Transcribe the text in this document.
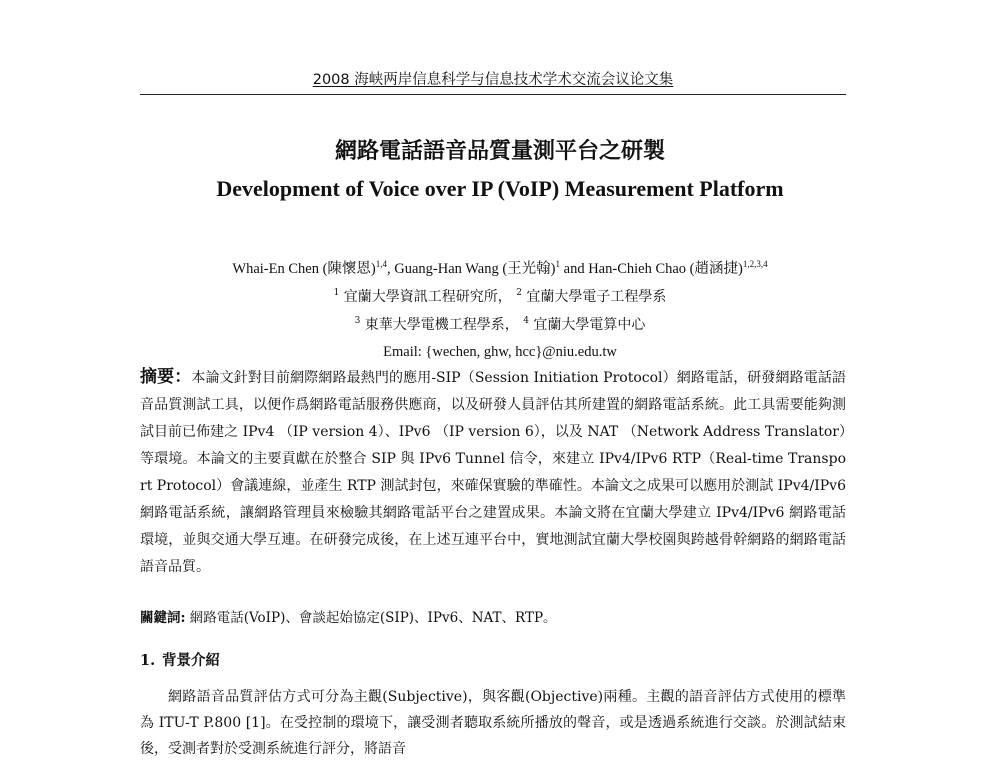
2008 海峡两岸信息科学与信息技术学术交流会议论文集
網路電話語音品質量測平台之研製
Development of Voice over IP (VoIP) Measurement Platform
Whai-En Chen (陳懷恩)$^{1,4}$, Guang-Han Wang (王光翰)$^1$ and Han-Chieh Chao (趙涵捷)$^{1,2,3,4}$
$^1$ 宜蘭大學資訊工程研究所， $^2$ 宜蘭大學電子工程學系
$^3$ 東華大學電機工程學系， $^4$ 宜蘭大學電算中心
Email: {wechen, ghw, hcc}@niu.edu.tw
摘要：本論文針對目前網際網路最熱門的應用-SIP（Session Initiation Protocol）網路電話，研發網路電話語音品質測試工具，以便作爲網路電話服務供應商，以及研發人員評估其所建置的網路電話系統。此工具需要能夠測試目前已佈建之 IPv4 （IP version 4）、IPv6 （IP version 6），以及 NAT （Network Address Translator）等環境。本論文的主要貢獻在於整合 SIP 與 IPv6 Tunnel 信令，來建立 IPv4/IPv6 RTP（Real-time Transport Protocol）會議連線，並產生 RTP 測試封包，來確保實驗的準確性。本論文之成果可以應用於測試 IPv4/IPv6 網路電話系統，讓網路管理員來檢驗其網路電話平台之建置成果。本論文將在宜蘭大學建立 IPv4/IPv6 網路電話環境，並與交通大學互連。在研發完成後，在上述互連平台中，實地測試宜蘭大學校園與跨越骨幹網路的網路電話語音品質。
關鍵詞: 網路電話(VoIP)、會談起始協定(SIP)、IPv6、NAT、RTP。
1. 背景介紹
網路語音品質評估方式可分為主觀(Subjective)，與客觀(Objective)兩種。主觀的語音評估方式使用的標準為 ITU-T P.800 [1]。在受控制的環境下，讓受測者聽取系統所播放的聲音，或是透過系統進行交談。於測試結束後，受測者對於受測系統進行評分，將語音
